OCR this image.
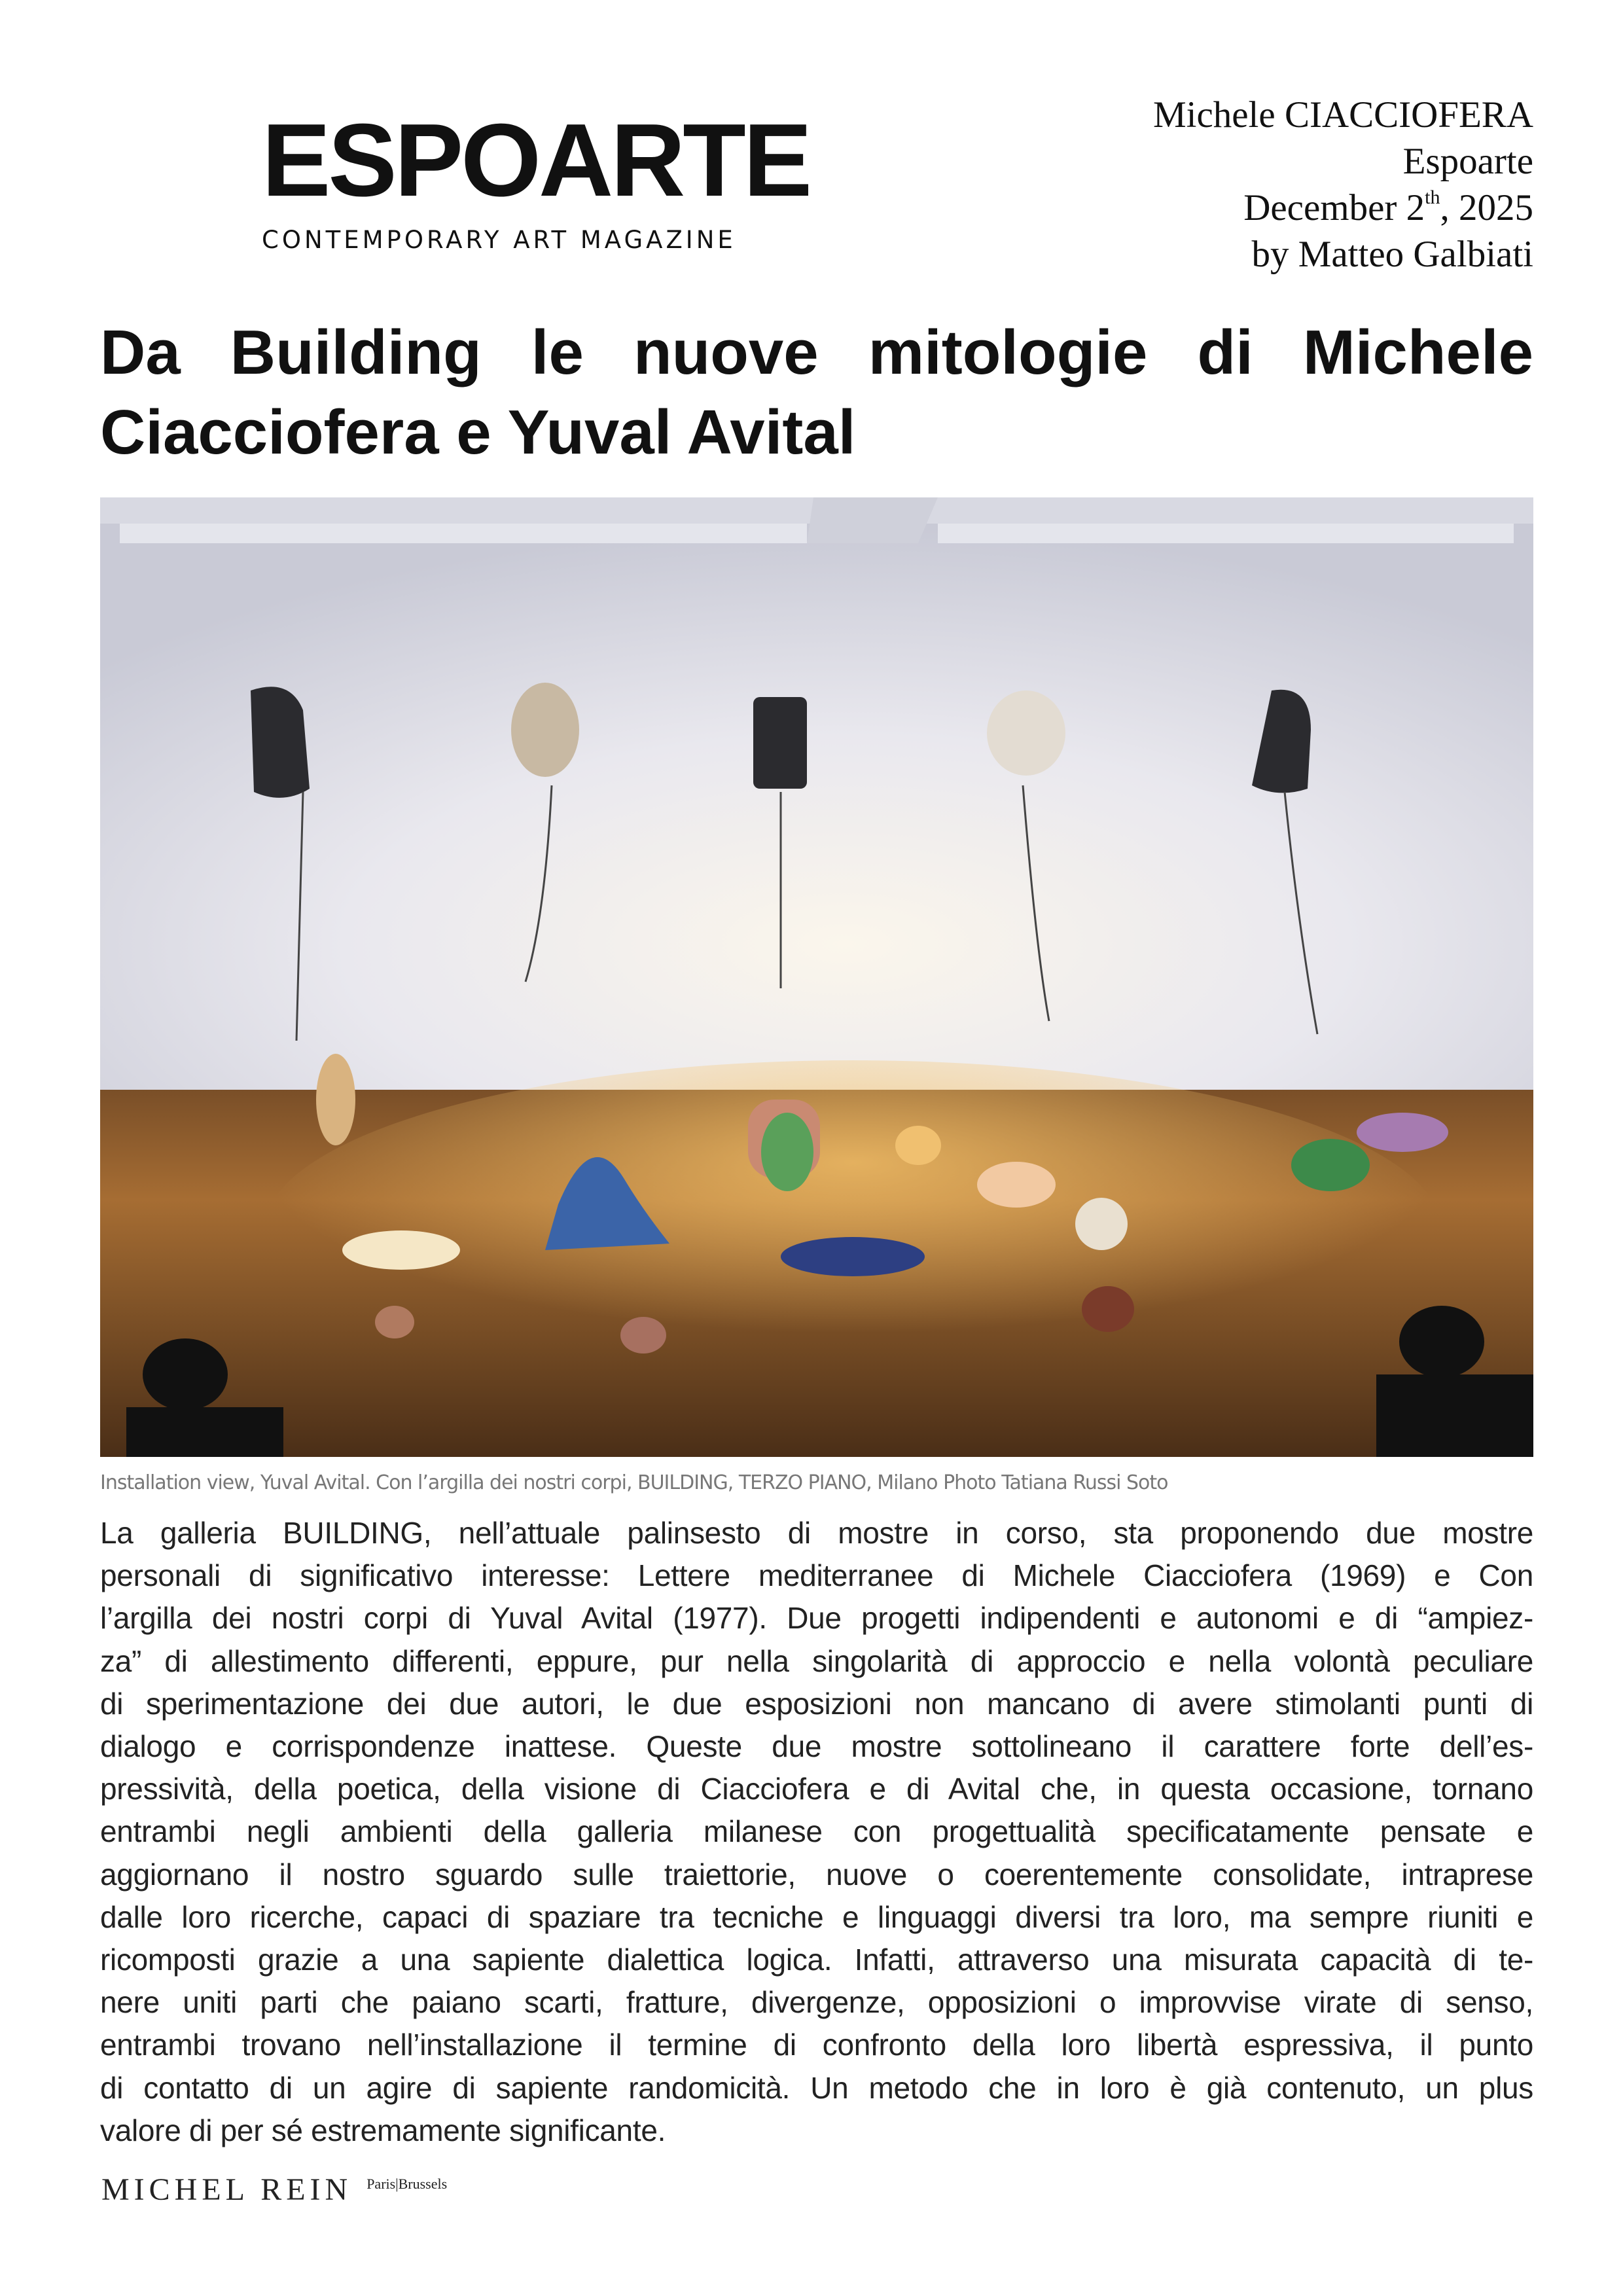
ESPOARTE
CONTEMPORARY ART MAGAZINE
Michele CIACCIOFERA
Espoarte
December 2th, 2025
by Matteo Galbiati
Da Building le nuove mitologie di Michele
Ciacciofera e Yuval Avital
Installation view, Yuval Avital. Con l’argilla dei nostri corpi, BUILDING, TERZO PIANO, Milano Photo Tatiana Russi Soto
La galleria BUILDING, nell’attuale palinsesto di mostre in corso, sta proponendo due mostre
personali di significativo interesse: Lettere mediterranee di Michele Ciacciofera (1969) e Con
l’argilla dei nostri corpi di Yuval Avital (1977). Due progetti indipendenti e autonomi e di “ampiez-
za” di allestimento differenti, eppure, pur nella singolarità di approccio e nella volontà peculiare
di sperimentazione dei due autori, le due esposizioni non mancano di avere stimolanti punti di
dialogo e corrispondenze inattese. Queste due mostre sottolineano il carattere forte dell’es-
pressività, della poetica, della visione di Ciacciofera e di Avital che, in questa occasione, tornano
entrambi negli ambienti della galleria milanese con progettualità specificatamente pensate e
aggiornano il nostro sguardo sulle traiettorie, nuove o coerentemente consolidate, intraprese
dalle loro ricerche, capaci di spaziare tra tecniche e linguaggi diversi tra loro, ma sempre riuniti e
ricomposti grazie a una sapiente dialettica logica. Infatti, attraverso una misurata capacità di te-
nere uniti parti che paiano scarti, fratture, divergenze, opposizioni o improvvise virate di senso,
entrambi trovano nell’installazione il termine di confronto della loro libertà espressiva, il punto
di contatto di un agire di sapiente randomicità. Un metodo che in loro è già contenuto, un plus
valore di per sé estremamente significante.
MICHEL REIN Paris|Brussels
